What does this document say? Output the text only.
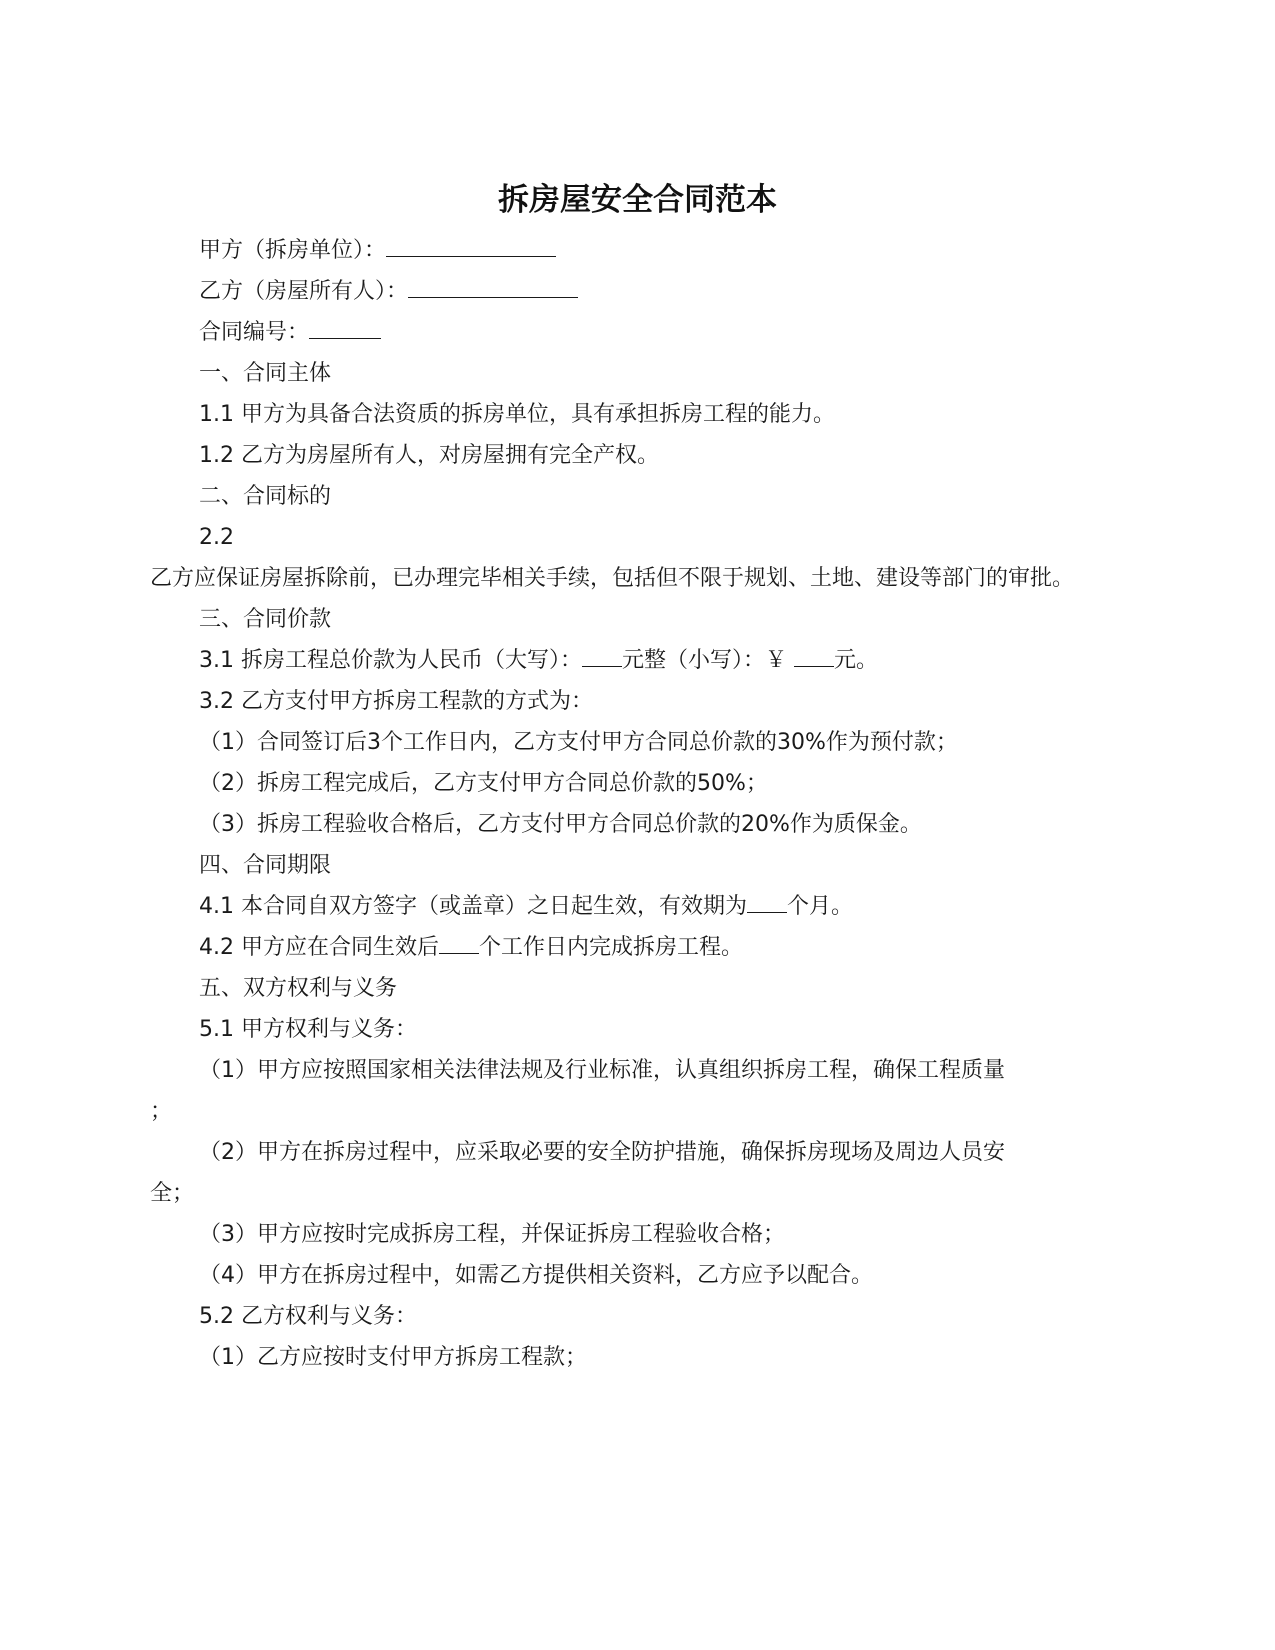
拆房屋安全合同范本
甲方（拆房单位）：
乙方（房屋所有人）：
合同编号：
一、合同主体
1.1 甲方为具备合法资质的拆房单位，具有承担拆房工程的能力。
1.2 乙方为房屋所有人，对房屋拥有完全产权。
二、合同标的
2.2
乙方应保证房屋拆除前，已办理完毕相关手续，包括但不限于规划、土地、建设等部门的审批。
三、合同价款
3.1 拆房工程总价款为人民币（大写）： 元整（小写）：￥ 元。
3.2 乙方支付甲方拆房工程款的方式为：
（1）合同签订后3个工作日内，乙方支付甲方合同总价款的30%作为预付款；
（2）拆房工程完成后，乙方支付甲方合同总价款的50%；
（3）拆房工程验收合格后，乙方支付甲方合同总价款的20%作为质保金。
四、合同期限
4.1 本合同自双方签字（或盖章）之日起生效，有效期为 个月。
4.2 甲方应在合同生效后 个工作日内完成拆房工程。
五、双方权利与义务
5.1 甲方权利与义务：
（1）甲方应按照国家相关法律法规及行业标准，认真组织拆房工程，确保工程质量
；
（2）甲方在拆房过程中，应采取必要的安全防护措施，确保拆房现场及周边人员安
全；
（3）甲方应按时完成拆房工程，并保证拆房工程验收合格；
（4）甲方在拆房过程中，如需乙方提供相关资料，乙方应予以配合。
5.2 乙方权利与义务：
（1）乙方应按时支付甲方拆房工程款；
